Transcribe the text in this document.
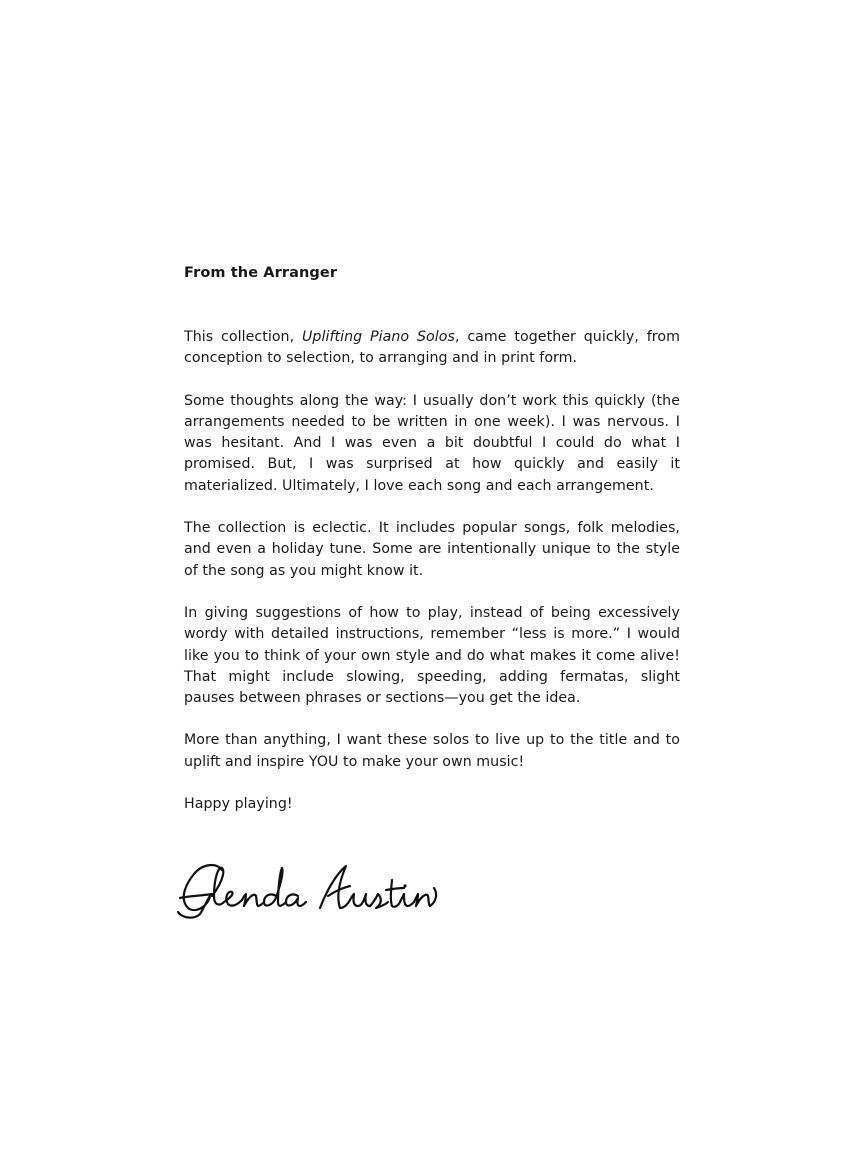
From the Arranger

This collection, Uplifting Piano Solos, came together quickly, from conception to selection, to arranging and in print form.

Some thoughts along the way: I usually don’t work this quickly (the arrangements needed to be written in one week). I was nervous. I was hesitant. And I was even a bit doubtful I could do what I promised. But, I was surprised at how quickly and easily it materialized. Ultimately, I love each song and each arrangement.

The collection is eclectic. It includes popular songs, folk melodies, and even a holiday tune. Some are intentionally unique to the style of the song as you might know it.

In giving suggestions of how to play, instead of being excessively wordy with detailed instructions, remember “less is more.” I would like you to think of your own style and do what makes it come alive! That might include slowing, speeding, adding fermatas, slight pauses between phrases or sections—you get the idea.

More than anything, I want these solos to live up to the title and to uplift and inspire YOU to make your own music!

Happy playing!
